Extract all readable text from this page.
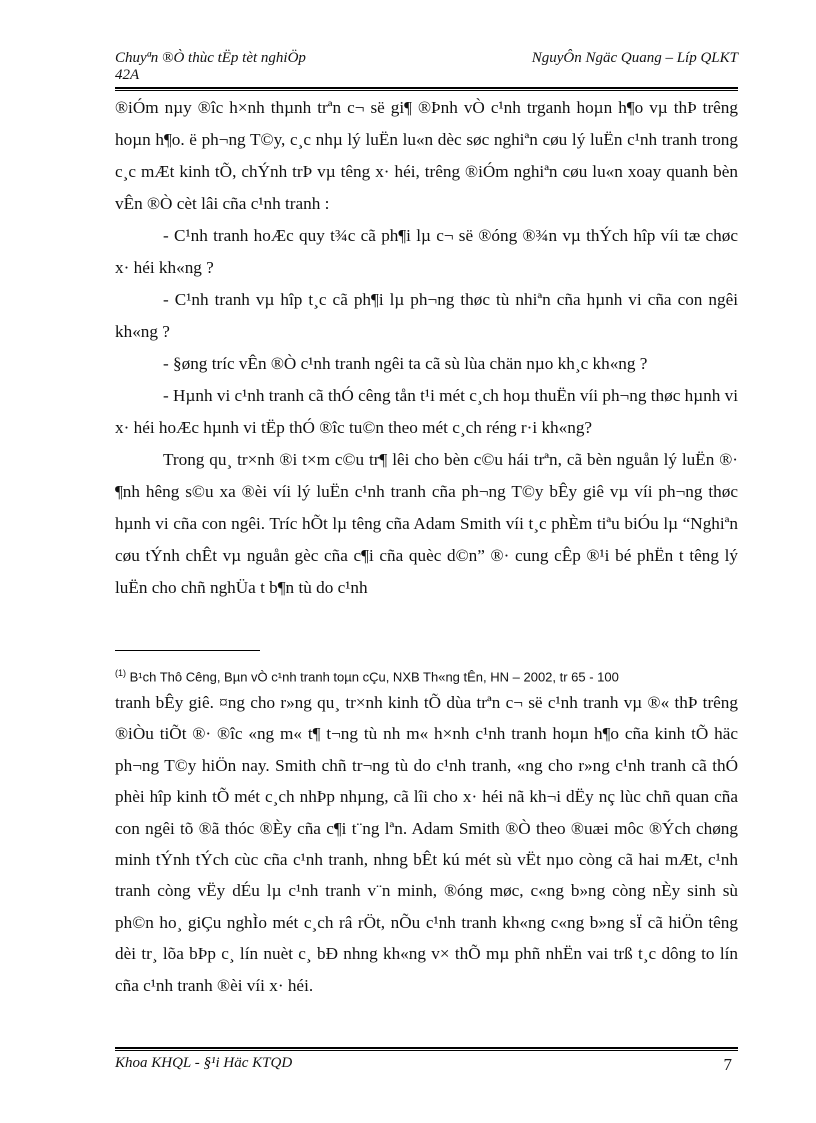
Chuyªn ®Ò thùc tËp tèt nghiÖp	NguyÔn Ngäc Quang – Líp QLKT
42A

®iÓm nµy ®îc h×nh thµnh trªn c¬ së gi¶ ®Þnh vÒ c¹nh trganh hoµn h¶o vµ thÞ trêng hoµn h¶o. ë ph¬ng T©y, c¸c nhµ lý luËn lu«n dèc søc nghiªn cøu lý luËn c¹nh tranh trong c¸c mÆt kinh tÕ, chÝnh trÞ vµ têng x· héi, trêng ®iÓm nghiªn cøu lu«n xoay quanh bèn vÊn ®Ò cèt lâi cña c¹nh tranh :

- C¹nh tranh hoÆc quy t¾c cã ph¶i lµ c¬ së ®óng ®¾n vµ thÝch hîp víi tæ chøc x· héi kh«ng ?

- C¹nh tranh vµ hîp t¸c cã ph¶i lµ ph¬ng thøc tù nhiªn cña hµnh vi cña con ngêi kh«ng ?

- §øng tríc vÊn ®Ò c¹nh tranh ngêi ta cã sù lùa chän nµo kh¸c kh«ng ?

- Hµnh vi c¹nh tranh cã thÓ cêng tån t¹i mét c¸ch hoµ thuËn víi ph¬ng thøc hµnh vi x· héi hoÆc hµnh vi tËp thÓ ®îc tu©n theo mét c¸ch réng r·i kh«ng?

Trong qu¸ tr×nh ®i t×m c©u tr¶ lêi cho bèn c©u hái trªn, cã bèn nguån lý luËn ®· ¶nh hêng s©u xa ®èi víi lý luËn c¹nh tranh cña ph¬ng T©y bÊy giê vµ víi ph¬ng thøc hµnh vi cña con ngêi. Tríc hÕt lµ têng cña Adam Smith víi t¸c phÈm tiªu biÓu lµ “Nghiªn cøu tÝnh chÊt vµ nguån gèc cña c¶i cña quèc d©n” ®· cung cÊp ®¹i bé phËn t têng lý luËn cho chñ nghÜa t b¶n tù do c¹nh

$^{(1)}$ B¹ch Thô Cêng, Bµn vÒ c¹nh tranh toµn cÇu, NXB Th«ng tÊn, HN – 2002, tr 65 - 100

tranh bÊy giê. ¤ng cho r»ng qu¸ tr×nh kinh tÕ dùa trªn c¬ së c¹nh tranh vµ ®« thÞ trêng ®iÒu tiÕt ®· ®îc «ng m« t¶ t¬ng tù nh m« h×nh c¹nh tranh hoµn h¶o cña kinh tÕ häc ph¬ng T©y hiÖn nay. Smith chñ tr¬ng tù do c¹nh tranh, «ng cho r»ng c¹nh tranh cã thÓ phèi hîp kinh tÕ mét c¸ch nhÞp nhµng, cã lîi cho x· héi nã kh¬i dËy nç lùc chñ quan cña con ngêi tõ ®ã thóc ®Èy cña c¶i t¨ng lªn. Adam Smith ®Ò theo ®uæi môc ®Ých chøng minh tÝnh tÝch cùc cña c¹nh tranh, nhng bÊt kú mét sù vËt nµo còng cã hai mÆt, c¹nh tranh còng vËy dÉu lµ c¹nh tranh v¨n minh, ®óng møc, c«ng b»ng còng nÈy sinh sù ph©n ho¸ giÇu nghÌo mét c¸ch râ rÖt, nÕu c¹nh tranh kh«ng c«ng b»ng sÏ cã hiÖn têng dèi tr¸ lõa bÞp c¸ lín nuèt c¸ bÐ nhng kh«ng v× thÕ mµ phñ nhËn vai trß t¸c dông to lín cña c¹nh tranh ®èi víi x· héi.

Khoa KHQL - §¹i Häc KTQD	7
